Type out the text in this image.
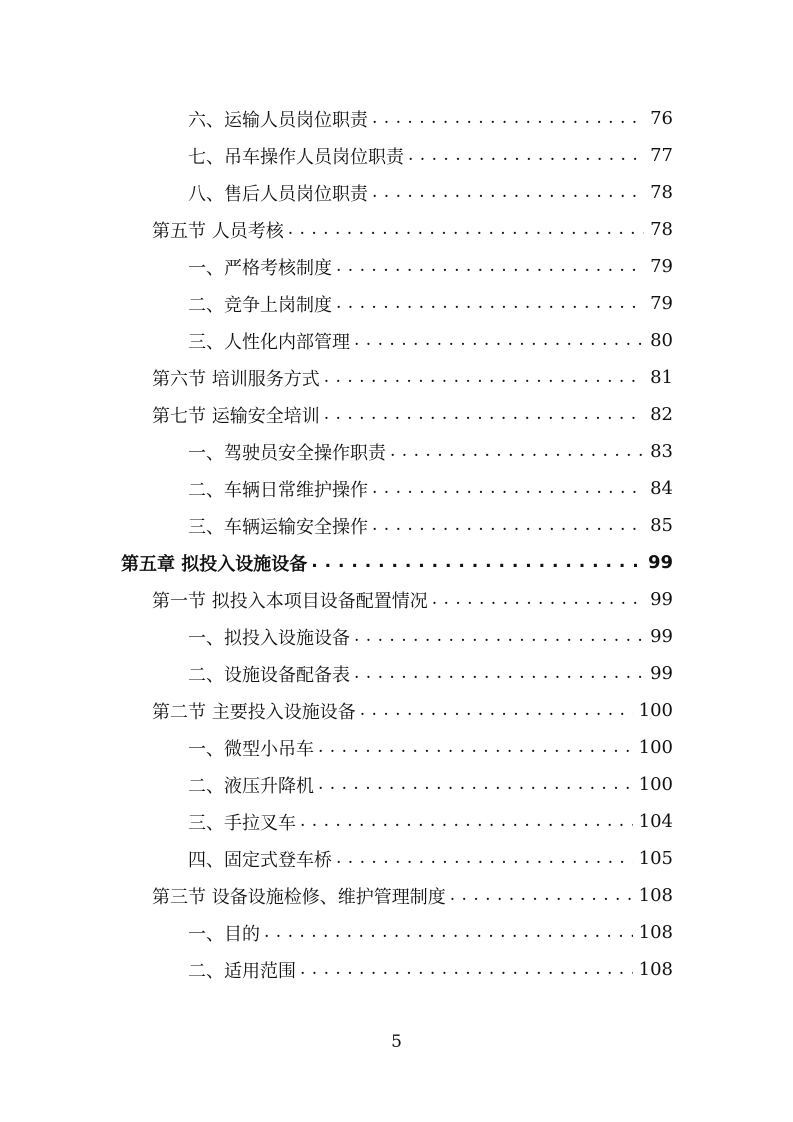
六、运输人员岗位职责 . . .	76
七、吊车操作人员岗位职责 . . .	77
八、售后人员岗位职责 . . .	78
第五节 人员考核 . . .	78
一、严格考核制度 . . .	79
二、竞争上岗制度 . . .	79
三、人性化内部管理 . . .	80
第六节 培训服务方式 . . .	81
第七节 运输安全培训 . . .	82
一、驾驶员安全操作职责 . . .	83
二、车辆日常维护操作 . . .	84
三、车辆运输安全操作 . . .	85
第五章 拟投入设施设备 . . .	99
第一节 拟投入本项目设备配置情况 . . .	99
一、拟投入设施设备 . . .	99
二、设施设备配备表 . . .	99
第二节 主要投入设施设备 . . .	100
一、微型小吊车 . . .	100
二、液压升降机 . . .	100
三、手拉叉车 . . .	104
四、固定式登车桥 . . .	105
第三节 设备设施检修、维护管理制度 . . .	108
一、目的 . . .	108
二、适用范围 . . .	108
5
